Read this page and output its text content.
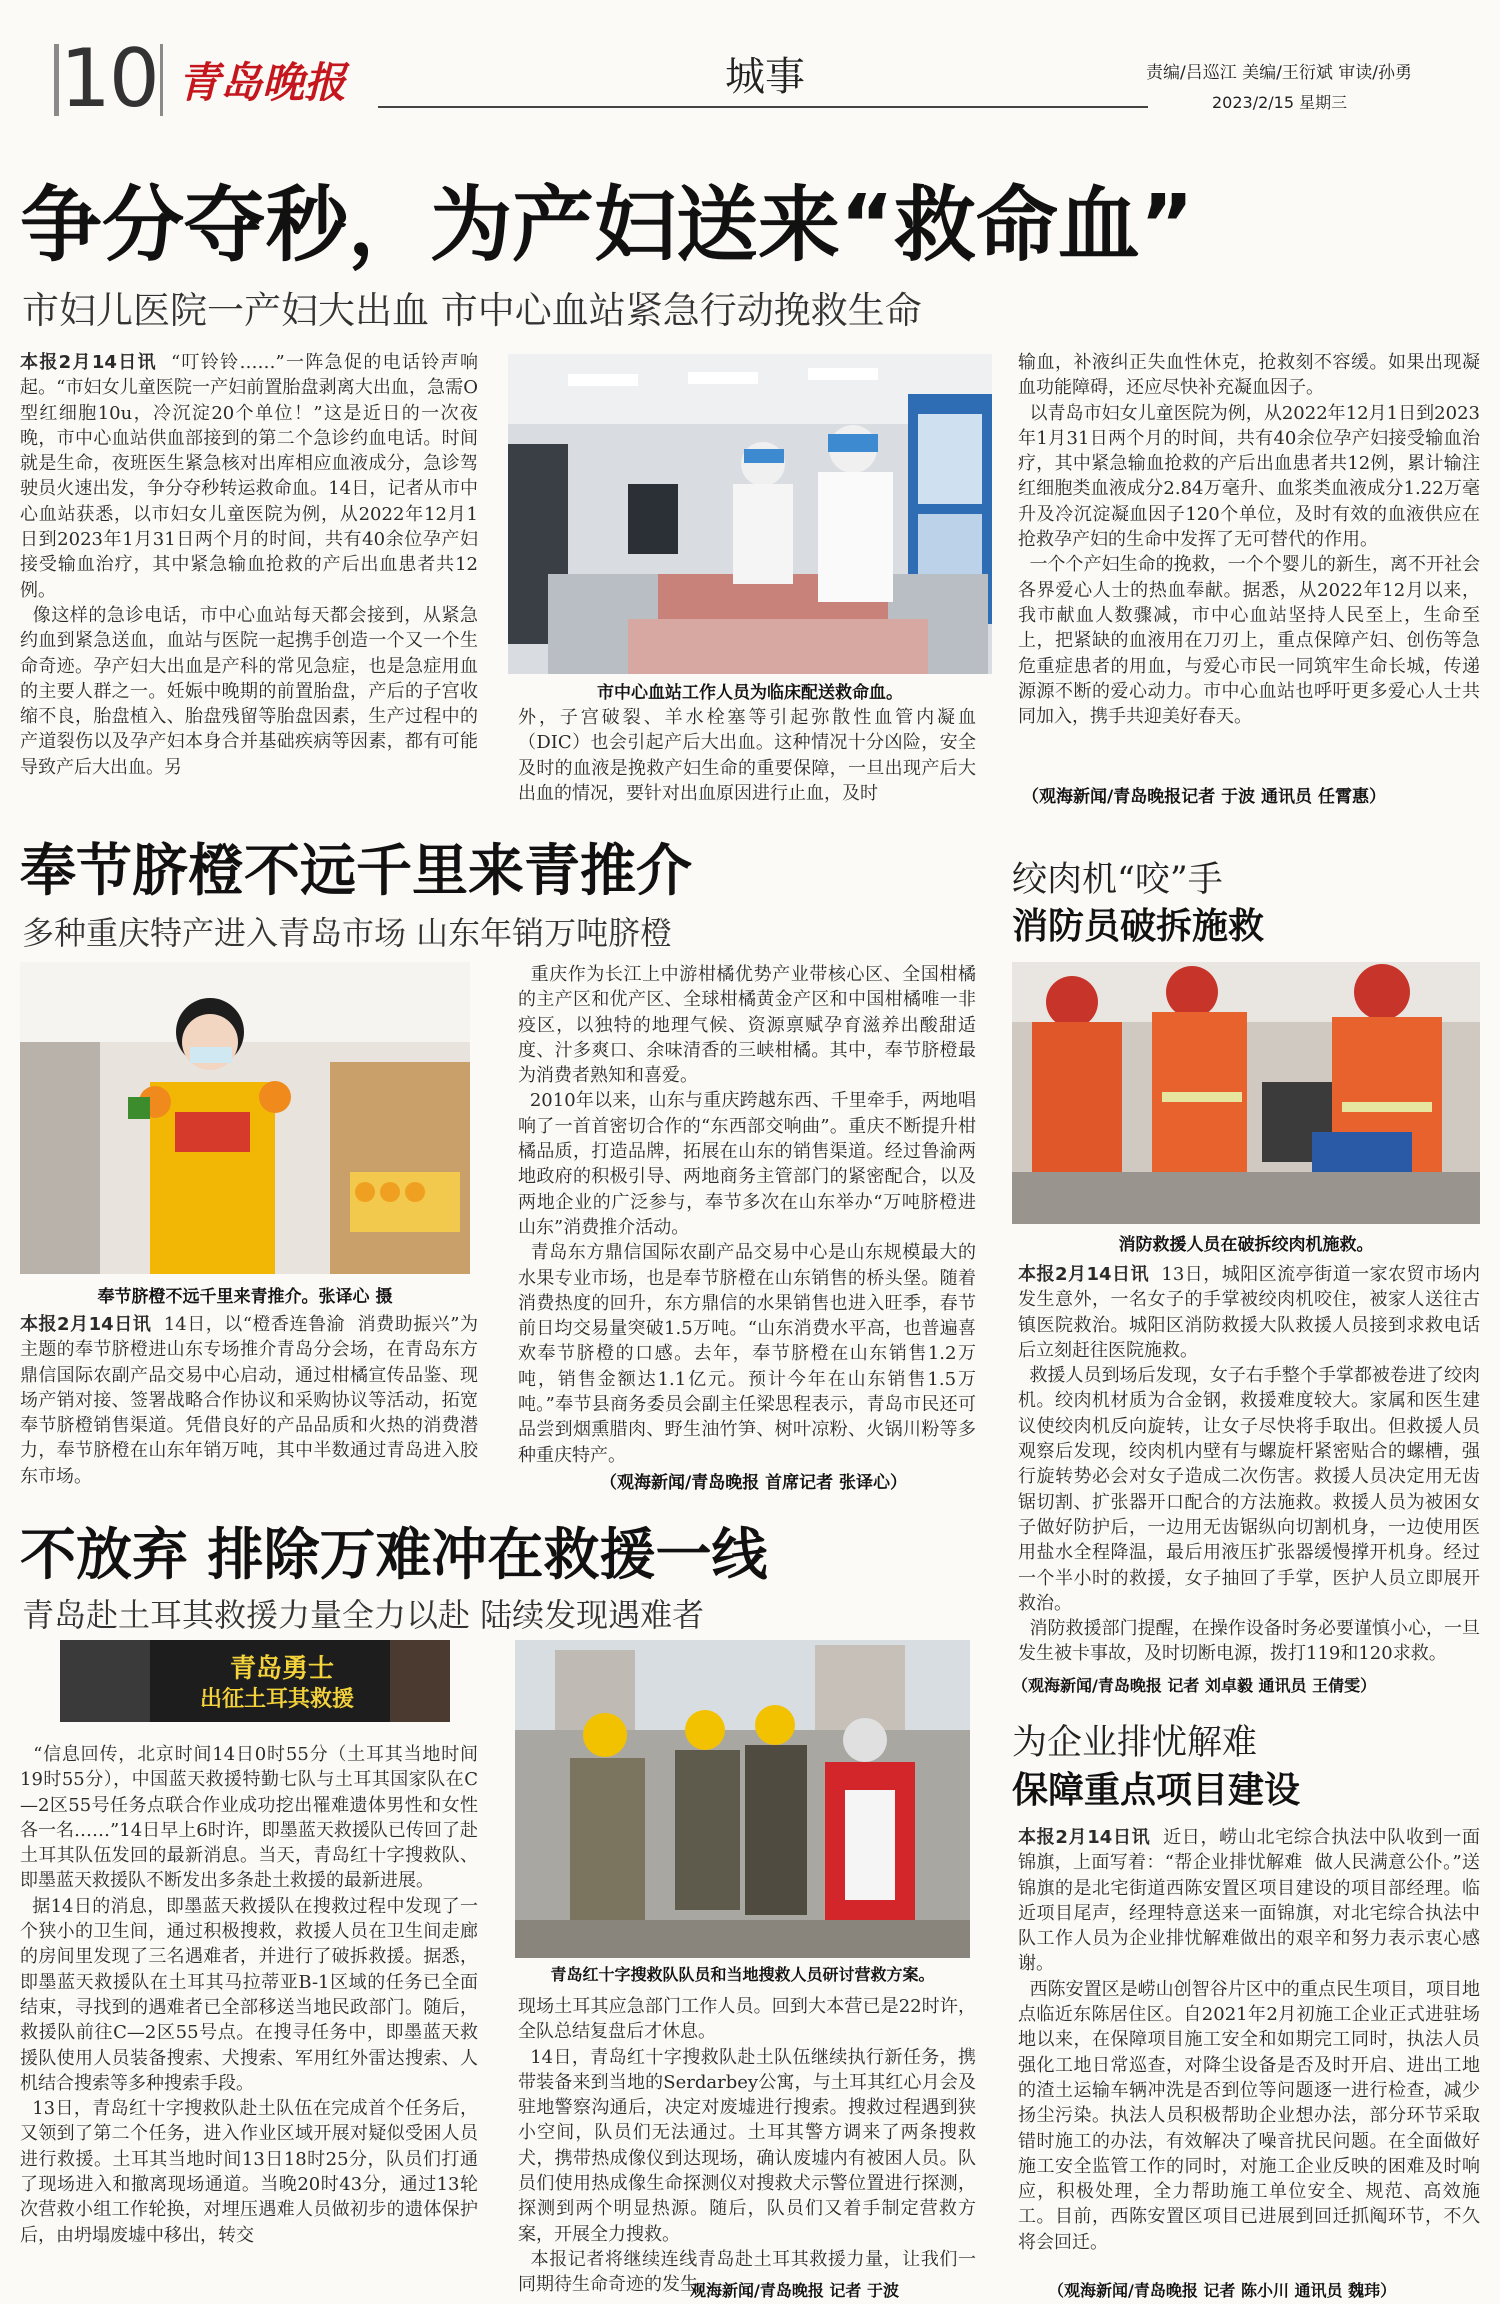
10 青岛晚报	城事	责编/吕巡江 美编/王衍斌 审读/孙勇
2023/2/15 星期三
争分夺秒，为产妇送来“救命血”
市妇儿医院一产妇大出血 市中心血站紧急行动挽救生命
本报2月14日讯  “叮铃铃……”一阵急促的电话铃声响起。“市妇女儿童医院一产妇前置胎盘剥离大出血，急需O型红细胞10u，冷沉淀20个单位！”这是近日的一次夜晚，市中心血站供血部接到的第二个急诊约血电话。时间就是生命，夜班医生紧急核对出库相应血液成分，急诊驾驶员火速出发，争分夺秒转运救命血。14日，记者从市中心血站获悉，以市妇女儿童医院为例，从2022年12月1日到2023年1月31日两个月的时间，共有40余位孕产妇接受输血治疗，其中紧急输血抢救的产后出血患者共12例。
像这样的急诊电话，市中心血站每天都会接到，从紧急约血到紧急送血，血站与医院一起携手创造一个又一个生命奇迹。孕产妇大出血是产科的常见急症，也是急症用血的主要人群之一。妊娠中晚期的前置胎盘，产后的子宫收缩不良，胎盘植入、胎盘残留等胎盘因素，生产过程中的产道裂伤以及孕产妇本身合并基础疾病等因素，都有可能导致产后大出血。另
市中心血站工作人员为临床配送救命血。
外，子宫破裂、羊水栓塞等引起弥散性血管内凝血（DIC）也会引起产后大出血。这种情况十分凶险，安全及时的血液是挽救产妇生命的重要保障，一旦出现产后大出血的情况，要针对出血原因进行止血，及时
输血，补液纠正失血性休克，抢救刻不容缓。如果出现凝血功能障碍，还应尽快补充凝血因子。
以青岛市妇女儿童医院为例，从2022年12月1日到2023年1月31日两个月的时间，共有40余位孕产妇接受输血治疗，其中紧急输血抢救的产后出血患者共12例，累计输注红细胞类血液成分2.84万毫升、血浆类血液成分1.22万毫升及冷沉淀凝血因子120个单位，及时有效的血液供应在抢救孕产妇的生命中发挥了无可替代的作用。
一个个产妇生命的挽救，一个个婴儿的新生，离不开社会各界爱心人士的热血奉献。据悉，从2022年12月以来，我市献血人数骤减，市中心血站坚持人民至上，生命至上，把紧缺的血液用在刀刃上，重点保障产妇、创伤等急危重症患者的用血，与爱心市民一同筑牢生命长城，传递源源不断的爱心动力。市中心血站也呼吁更多爱心人士共同加入，携手共迎美好春天。
（观海新闻/青岛晚报记者 于波 通讯员 任霄惠）
奉节脐橙不远千里来青推介
多种重庆特产进入青岛市场 山东年销万吨脐橙
奉节脐橙不远千里来青推介。张译心 摄
本报2月14日讯  14日，以“橙香连鲁渝  消费助振兴”为主题的奉节脐橙进山东专场推介青岛分会场，在青岛东方鼎信国际农副产品交易中心启动，通过柑橘宣传品鉴、现场产销对接、签署战略合作协议和采购协议等活动，拓宽奉节脐橙销售渠道。凭借良好的产品品质和火热的消费潜力，奉节脐橙在山东年销万吨，其中半数通过青岛进入胶东市场。
重庆作为长江上中游柑橘优势产业带核心区、全国柑橘的主产区和优产区、全球柑橘黄金产区和中国柑橘唯一非疫区，以独特的地理气候、资源禀赋孕育滋养出酸甜适度、汁多爽口、余味清香的三峡柑橘。其中，奉节脐橙最为消费者熟知和喜爱。
2010年以来，山东与重庆跨越东西、千里牵手，两地唱响了一首首密切合作的“东西部交响曲”。重庆不断提升柑橘品质，打造品牌，拓展在山东的销售渠道。经过鲁渝两地政府的积极引导、两地商务主管部门的紧密配合，以及两地企业的广泛参与，奉节多次在山东举办“万吨脐橙进山东”消费推介活动。
青岛东方鼎信国际农副产品交易中心是山东规模最大的水果专业市场，也是奉节脐橙在山东销售的桥头堡。随着消费热度的回升，东方鼎信的水果销售也进入旺季，春节前日均交易量突破1.5万吨。“山东消费水平高，也普遍喜欢奉节脐橙的口感。去年，奉节脐橙在山东销售1.2万吨，销售金额达1.1亿元。预计今年在山东销售1.5万吨。”奉节县商务委员会副主任梁思程表示，青岛市民还可品尝到烟熏腊肉、野生油竹笋、树叶凉粉、火锅川粉等多种重庆特产。
（观海新闻/青岛晚报 首席记者 张译心）
绞肉机“咬”手
消防员破拆施救
消防救援人员在破拆绞肉机施救。
本报2月14日讯  13日，城阳区流亭街道一家农贸市场内发生意外，一名女子的手掌被绞肉机咬住，被家人送往古镇医院救治。城阳区消防救援大队救援人员接到求救电话后立刻赶往医院施救。
救援人员到场后发现，女子右手整个手掌都被卷进了绞肉机。绞肉机材质为合金钢，救援难度较大。家属和医生建议使绞肉机反向旋转，让女子尽快将手取出。但救援人员观察后发现，绞肉机内壁有与螺旋杆紧密贴合的螺槽，强行旋转势必会对女子造成二次伤害。救援人员决定用无齿锯切割、扩张器开口配合的方法施救。救援人员为被困女子做好防护后，一边用无齿锯纵向切割机身，一边使用医用盐水全程降温，最后用液压扩张器缓慢撑开机身。经过一个半小时的救援，女子抽回了手掌，医护人员立即展开救治。
消防救援部门提醒，在操作设备时务必要谨慎小心，一旦发生被卡事故，及时切断电源，拨打119和120求救。
（观海新闻/青岛晚报 记者 刘卓毅 通讯员 王倩雯）
不放弃 排除万难冲在救援一线
青岛赴土耳其救援力量全力以赴 陆续发现遇难者
青岛勇士
出征土耳其救援
“信息回传，北京时间14日0时55分（土耳其当地时间19时55分），中国蓝天救援特勤七队与土耳其国家队在C—2区55号任务点联合作业成功挖出罹难遗体男性和女性各一名……”14日早上6时许，即墨蓝天救援队已传回了赴土耳其队伍发回的最新消息。当天，青岛红十字搜救队、即墨蓝天救援队不断发出多条赴土救援的最新进展。
据14日的消息，即墨蓝天救援队在搜救过程中发现了一个狭小的卫生间，通过积极搜救，救援人员在卫生间走廊的房间里发现了三名遇难者，并进行了破拆救援。据悉，即墨蓝天救援队在土耳其马拉蒂亚B-1区域的任务已全面结束，寻找到的遇难者已全部移送当地民政部门。随后，救援队前往C—2区55号点。在搜寻任务中，即墨蓝天救援队使用人员装备搜索、犬搜索、军用红外雷达搜索、人机结合搜索等多种搜索手段。
13日，青岛红十字搜救队赴土队伍在完成首个任务后，又领到了第二个任务，进入作业区域开展对疑似受困人员进行救援。土耳其当地时间13日18时25分，队员们打通了现场进入和撤离现场通道。当晚20时43分，通过13轮次营救小组工作轮换，对埋压遇难人员做初步的遗体保护后，由坍塌废墟中移出，转交
青岛红十字搜救队队员和当地搜救人员研讨营救方案。
现场土耳其应急部门工作人员。回到大本营已是22时许，全队总结复盘后才休息。
14日，青岛红十字搜救队赴土队伍继续执行新任务，携带装备来到当地的Serdarbey公寓，与土耳其红心月会及驻地警察沟通后，决定对废墟进行搜索。搜救过程遇到狭小空间，队员们无法通过。土耳其警方调来了两条搜救犬，携带热成像仪到达现场，确认废墟内有被困人员。队员们使用热成像生命探测仪对搜救犬示警位置进行探测，探测到两个明显热源。随后，队员们又着手制定营救方案，开展全力搜救。
本报记者将继续连线青岛赴土耳其救援力量，让我们一同期待生命奇迹的发生。
观海新闻/青岛晚报 记者 于波
为企业排忧解难
保障重点项目建设
本报2月14日讯  近日，崂山北宅综合执法中队收到一面锦旗，上面写着：“帮企业排忧解难  做人民满意公仆。”送锦旗的是北宅街道西陈安置区项目建设的项目部经理。临近项目尾声，经理特意送来一面锦旗，对北宅综合执法中队工作人员为企业排忧解难做出的艰辛和努力表示衷心感谢。
西陈安置区是崂山创智谷片区中的重点民生项目，项目地点临近东陈居住区。自2021年2月初施工企业正式进驻场地以来，在保障项目施工安全和如期完工同时，执法人员强化工地日常巡查，对降尘设备是否及时开启、进出工地的渣土运输车辆冲洗是否到位等问题逐一进行检查，减少扬尘污染。执法人员积极帮助企业想办法，部分环节采取错时施工的办法，有效解决了噪音扰民问题。在全面做好施工安全监管工作的同时，对施工企业反映的困难及时响应，积极处理，全力帮助施工单位安全、规范、高效施工。目前，西陈安置区项目已进展到回迁抓阄环节，不久将会回迁。
（观海新闻/青岛晚报 记者 陈小川 通讯员 魏玮）
